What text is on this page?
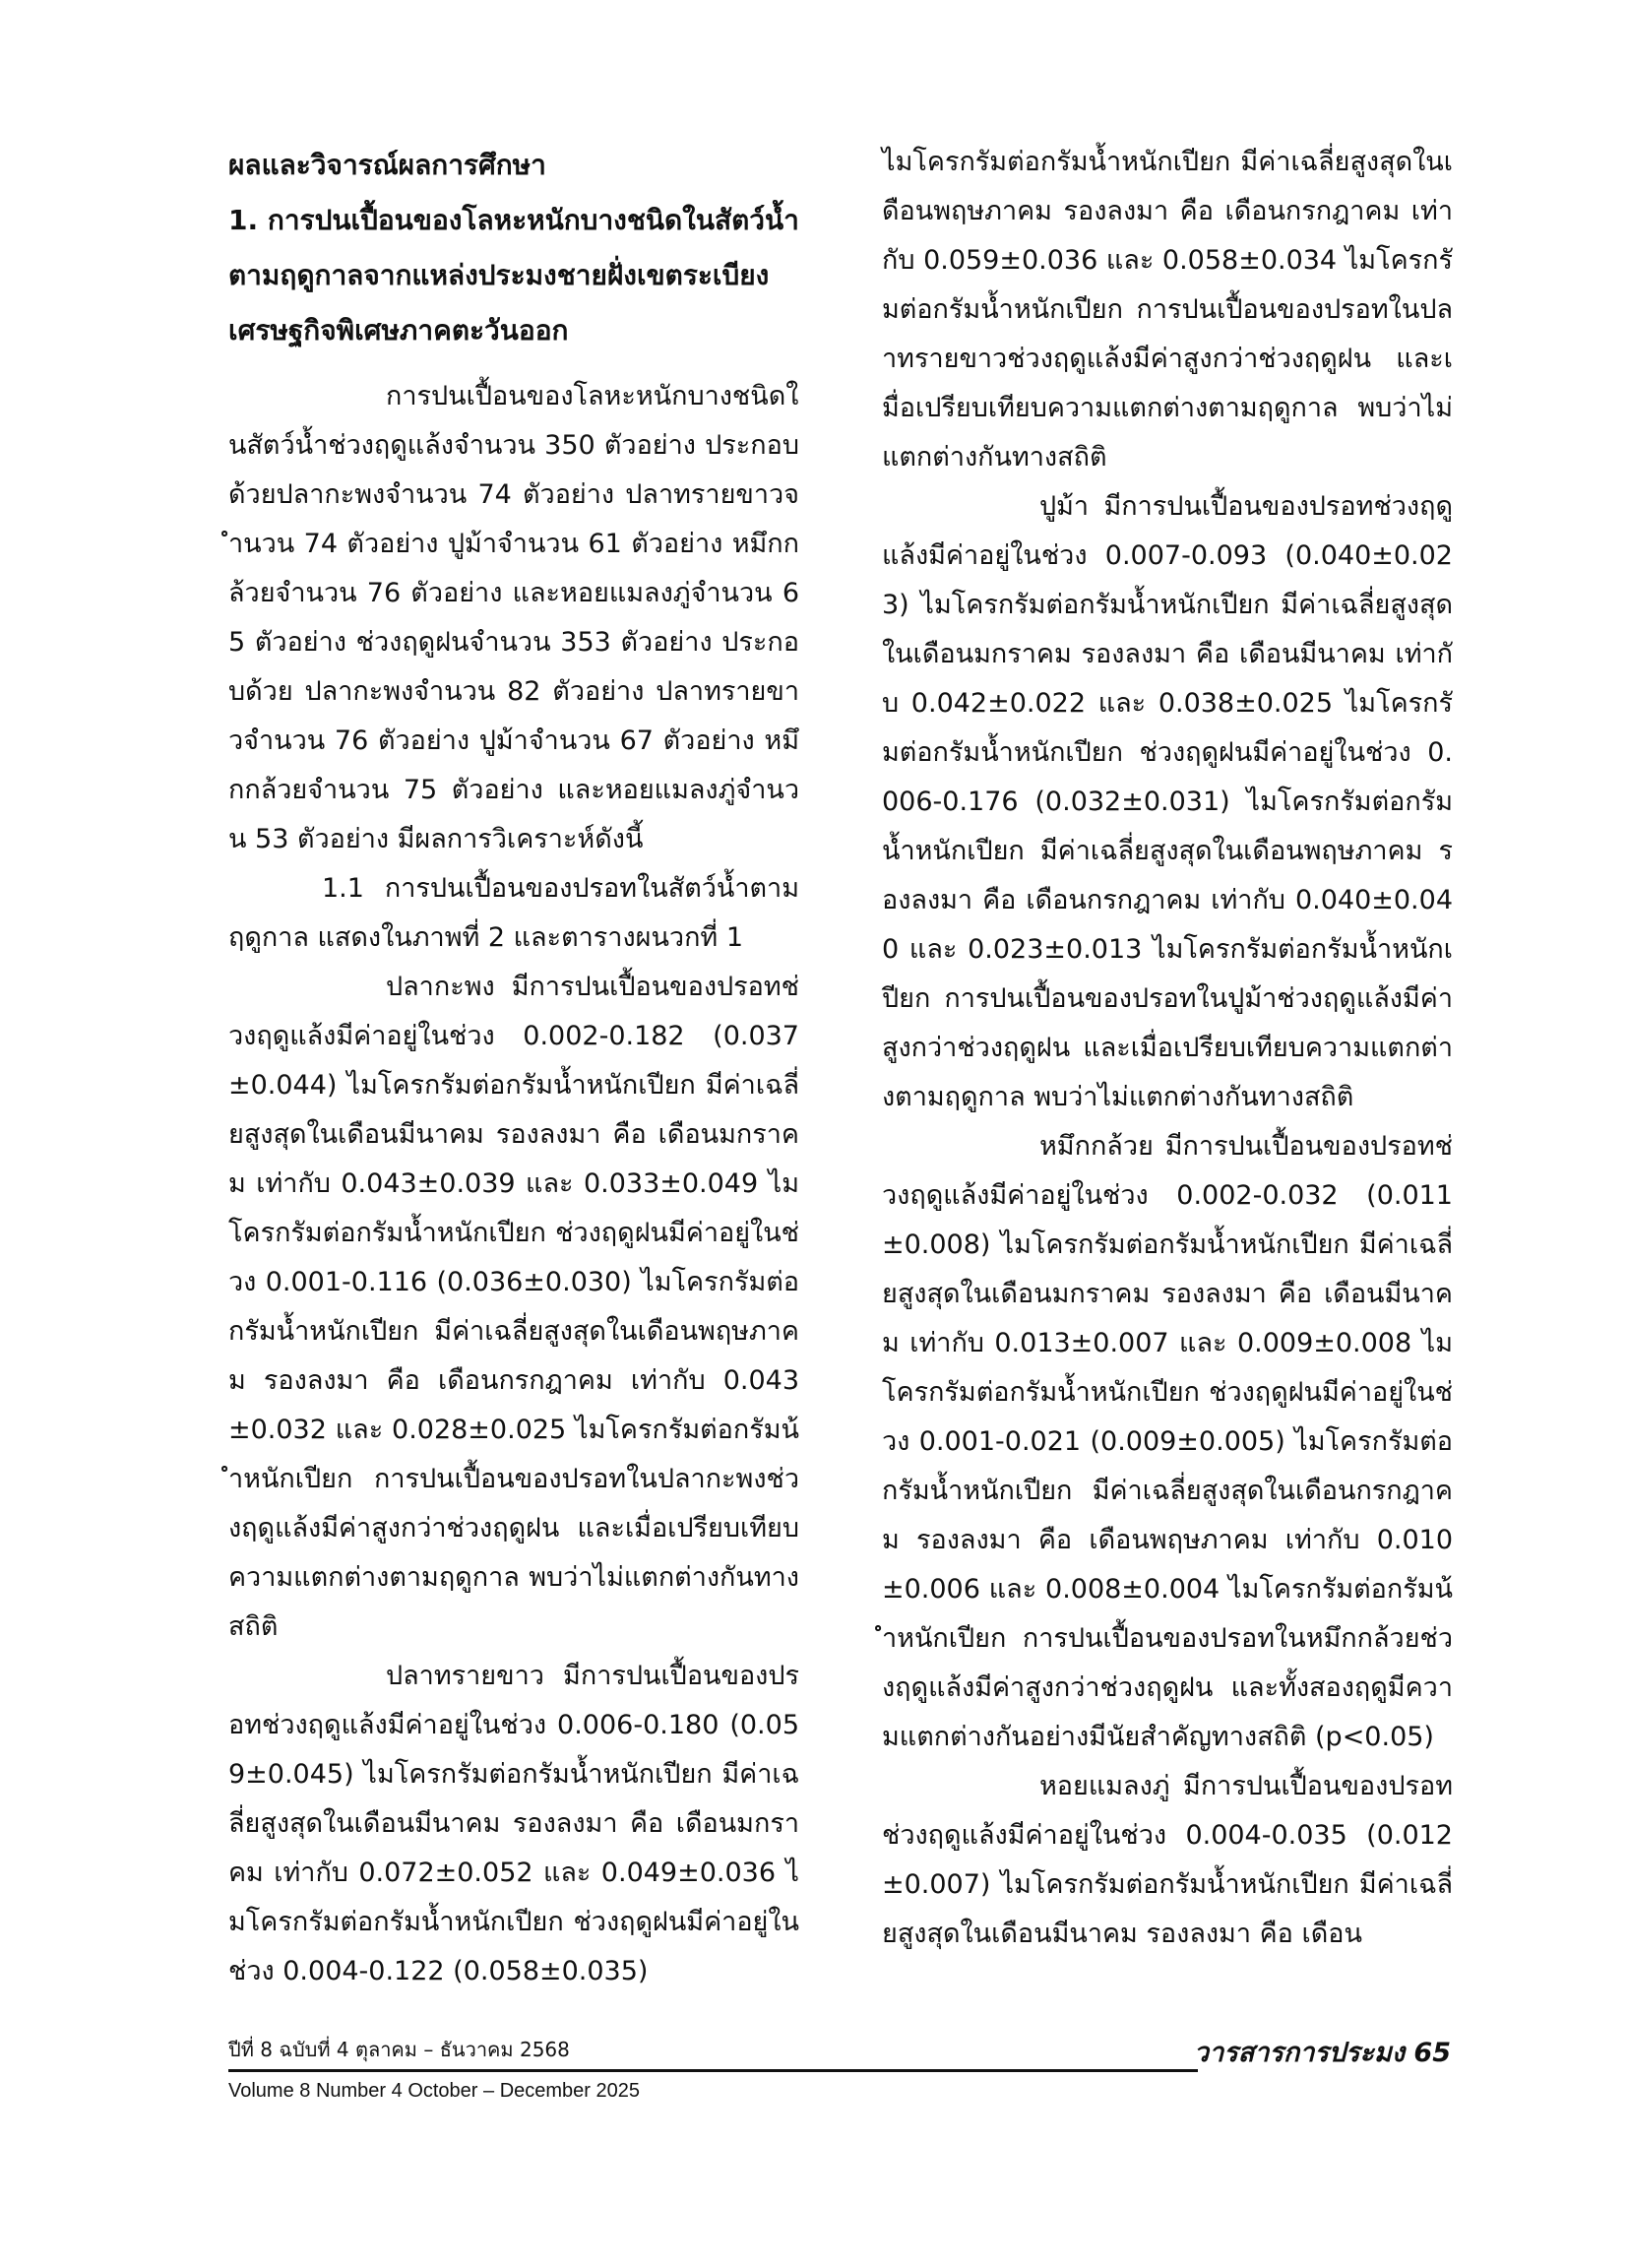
ผลและวิจารณ์ผลการศึกษา

1. การปนเปื้อนของโลหะหนักบางชนิดในสัตว์น้ำตามฤดูกาลจากแหล่งประมงชายฝั่งเขตระเบียงเศรษฐกิจพิเศษภาคตะวันออก

การปนเปื้อนของโลหะหนักบางชนิดในสัตว์น้ำช่วงฤดูแล้งจำนวน 350 ตัวอย่าง ประกอบด้วยปลากะพงจำนวน 74 ตัวอย่าง ปลาทรายขาวจำนวน 74 ตัวอย่าง ปูม้าจำนวน 61 ตัวอย่าง หมึกกล้วยจำนวน 76 ตัวอย่าง และหอยแมลงภู่จำนวน 65 ตัวอย่าง ช่วงฤดูฝนจำนวน 353 ตัวอย่าง ประกอบด้วย ปลากะพงจำนวน 82 ตัวอย่าง ปลาทรายขาวจำนวน 76 ตัวอย่าง ปูม้าจำนวน 67 ตัวอย่าง หมึกกล้วยจำนวน 75 ตัวอย่าง และหอยแมลงภู่จำนวน 53 ตัวอย่าง มีผลการวิเคราะห์ดังนี้

1.1 การปนเปื้อนของปรอทในสัตว์น้ำตามฤดูกาล แสดงในภาพที่ 2 และตารางผนวกที่ 1

ปลากะพง มีการปนเปื้อนของปรอทช่วงฤดูแล้งมีค่าอยู่ในช่วง 0.002-0.182 (0.037±0.044) ไมโครกรัมต่อกรัมน้ำหนักเปียก มีค่าเฉลี่ยสูงสุดในเดือนมีนาคม รองลงมา คือ เดือนมกราคม เท่ากับ 0.043±0.039 และ 0.033±0.049 ไมโครกรัมต่อกรัมน้ำหนักเปียก ช่วงฤดูฝนมีค่าอยู่ในช่วง 0.001-0.116 (0.036±0.030) ไมโครกรัมต่อกรัมน้ำหนักเปียก มีค่าเฉลี่ยสูงสุดในเดือนพฤษภาคม รองลงมา คือ เดือนกรกฎาคม เท่ากับ 0.043±0.032 และ 0.028±0.025 ไมโครกรัมต่อกรัมน้ำหนักเปียก การปนเปื้อนของปรอทในปลากะพงช่วงฤดูแล้งมีค่าสูงกว่าช่วงฤดูฝน และเมื่อเปรียบเทียบความแตกต่างตามฤดูกาล พบว่าไม่แตกต่างกันทางสถิติ

ปลาทรายขาว มีการปนเปื้อนของปรอทช่วงฤดูแล้งมีค่าอยู่ในช่วง 0.006-0.180 (0.059±0.045) ไมโครกรัมต่อกรัมน้ำหนักเปียก มีค่าเฉลี่ยสูงสุดในเดือนมีนาคม รองลงมา คือ เดือนมกราคม เท่ากับ 0.072±0.052 และ 0.049±0.036 ไมโครกรัมต่อกรัมน้ำหนักเปียก ช่วงฤดูฝนมีค่าอยู่ในช่วง 0.004-0.122 (0.058±0.035)

ไมโครกรัมต่อกรัมน้ำหนักเปียก มีค่าเฉลี่ยสูงสุดในเดือนพฤษภาคม รองลงมา คือ เดือนกรกฎาคม เท่ากับ 0.059±0.036 และ 0.058±0.034 ไมโครกรัมต่อกรัมน้ำหนักเปียก การปนเปื้อนของปรอทในปลาทรายขาวช่วงฤดูแล้งมีค่าสูงกว่าช่วงฤดูฝน และเมื่อเปรียบเทียบความแตกต่างตามฤดูกาล พบว่าไม่แตกต่างกันทางสถิติ

ปูม้า มีการปนเปื้อนของปรอทช่วงฤดูแล้งมีค่าอยู่ในช่วง 0.007-0.093 (0.040±0.023) ไมโครกรัมต่อกรัมน้ำหนักเปียก มีค่าเฉลี่ยสูงสุดในเดือนมกราคม รองลงมา คือ เดือนมีนาคม เท่ากับ 0.042±0.022 และ 0.038±0.025 ไมโครกรัมต่อกรัมน้ำหนักเปียก ช่วงฤดูฝนมีค่าอยู่ในช่วง 0.006-0.176 (0.032±0.031) ไมโครกรัมต่อกรัมน้ำหนักเปียก มีค่าเฉลี่ยสูงสุดในเดือนพฤษภาคม รองลงมา คือ เดือนกรกฎาคม เท่ากับ 0.040±0.040 และ 0.023±0.013 ไมโครกรัมต่อกรัมน้ำหนักเปียก การปนเปื้อนของปรอทในปูม้าช่วงฤดูแล้งมีค่าสูงกว่าช่วงฤดูฝน และเมื่อเปรียบเทียบความแตกต่างตามฤดูกาล พบว่าไม่แตกต่างกันทางสถิติ

หมึกกล้วย มีการปนเปื้อนของปรอทช่วงฤดูแล้งมีค่าอยู่ในช่วง 0.002-0.032 (0.011±0.008) ไมโครกรัมต่อกรัมน้ำหนักเปียก มีค่าเฉลี่ยสูงสุดในเดือนมกราคม รองลงมา คือ เดือนมีนาคม เท่ากับ 0.013±0.007 และ 0.009±0.008 ไมโครกรัมต่อกรัมน้ำหนักเปียก ช่วงฤดูฝนมีค่าอยู่ในช่วง 0.001-0.021 (0.009±0.005) ไมโครกรัมต่อกรัมน้ำหนักเปียก มีค่าเฉลี่ยสูงสุดในเดือนกรกฎาคม รองลงมา คือ เดือนพฤษภาคม เท่ากับ 0.010±0.006 และ 0.008±0.004 ไมโครกรัมต่อกรัมน้ำหนักเปียก การปนเปื้อนของปรอทในหมึกกล้วยช่วงฤดูแล้งมีค่าสูงกว่าช่วงฤดูฝน และทั้งสองฤดูมีความแตกต่างกันอย่างมีนัยสำคัญทางสถิติ (p<0.05)

หอยแมลงภู่ มีการปนเปื้อนของปรอทช่วงฤดูแล้งมีค่าอยู่ในช่วง 0.004-0.035 (0.012±0.007) ไมโครกรัมต่อกรัมน้ำหนักเปียก มีค่าเฉลี่ยสูงสุดในเดือนมีนาคม รองลงมา คือ เดือน

ปีที่ 8 ฉบับที่ 4 ตุลาคม – ธันวาคม 2568	วารสารการประมง 65
Volume 8 Number 4 October – December 2025
